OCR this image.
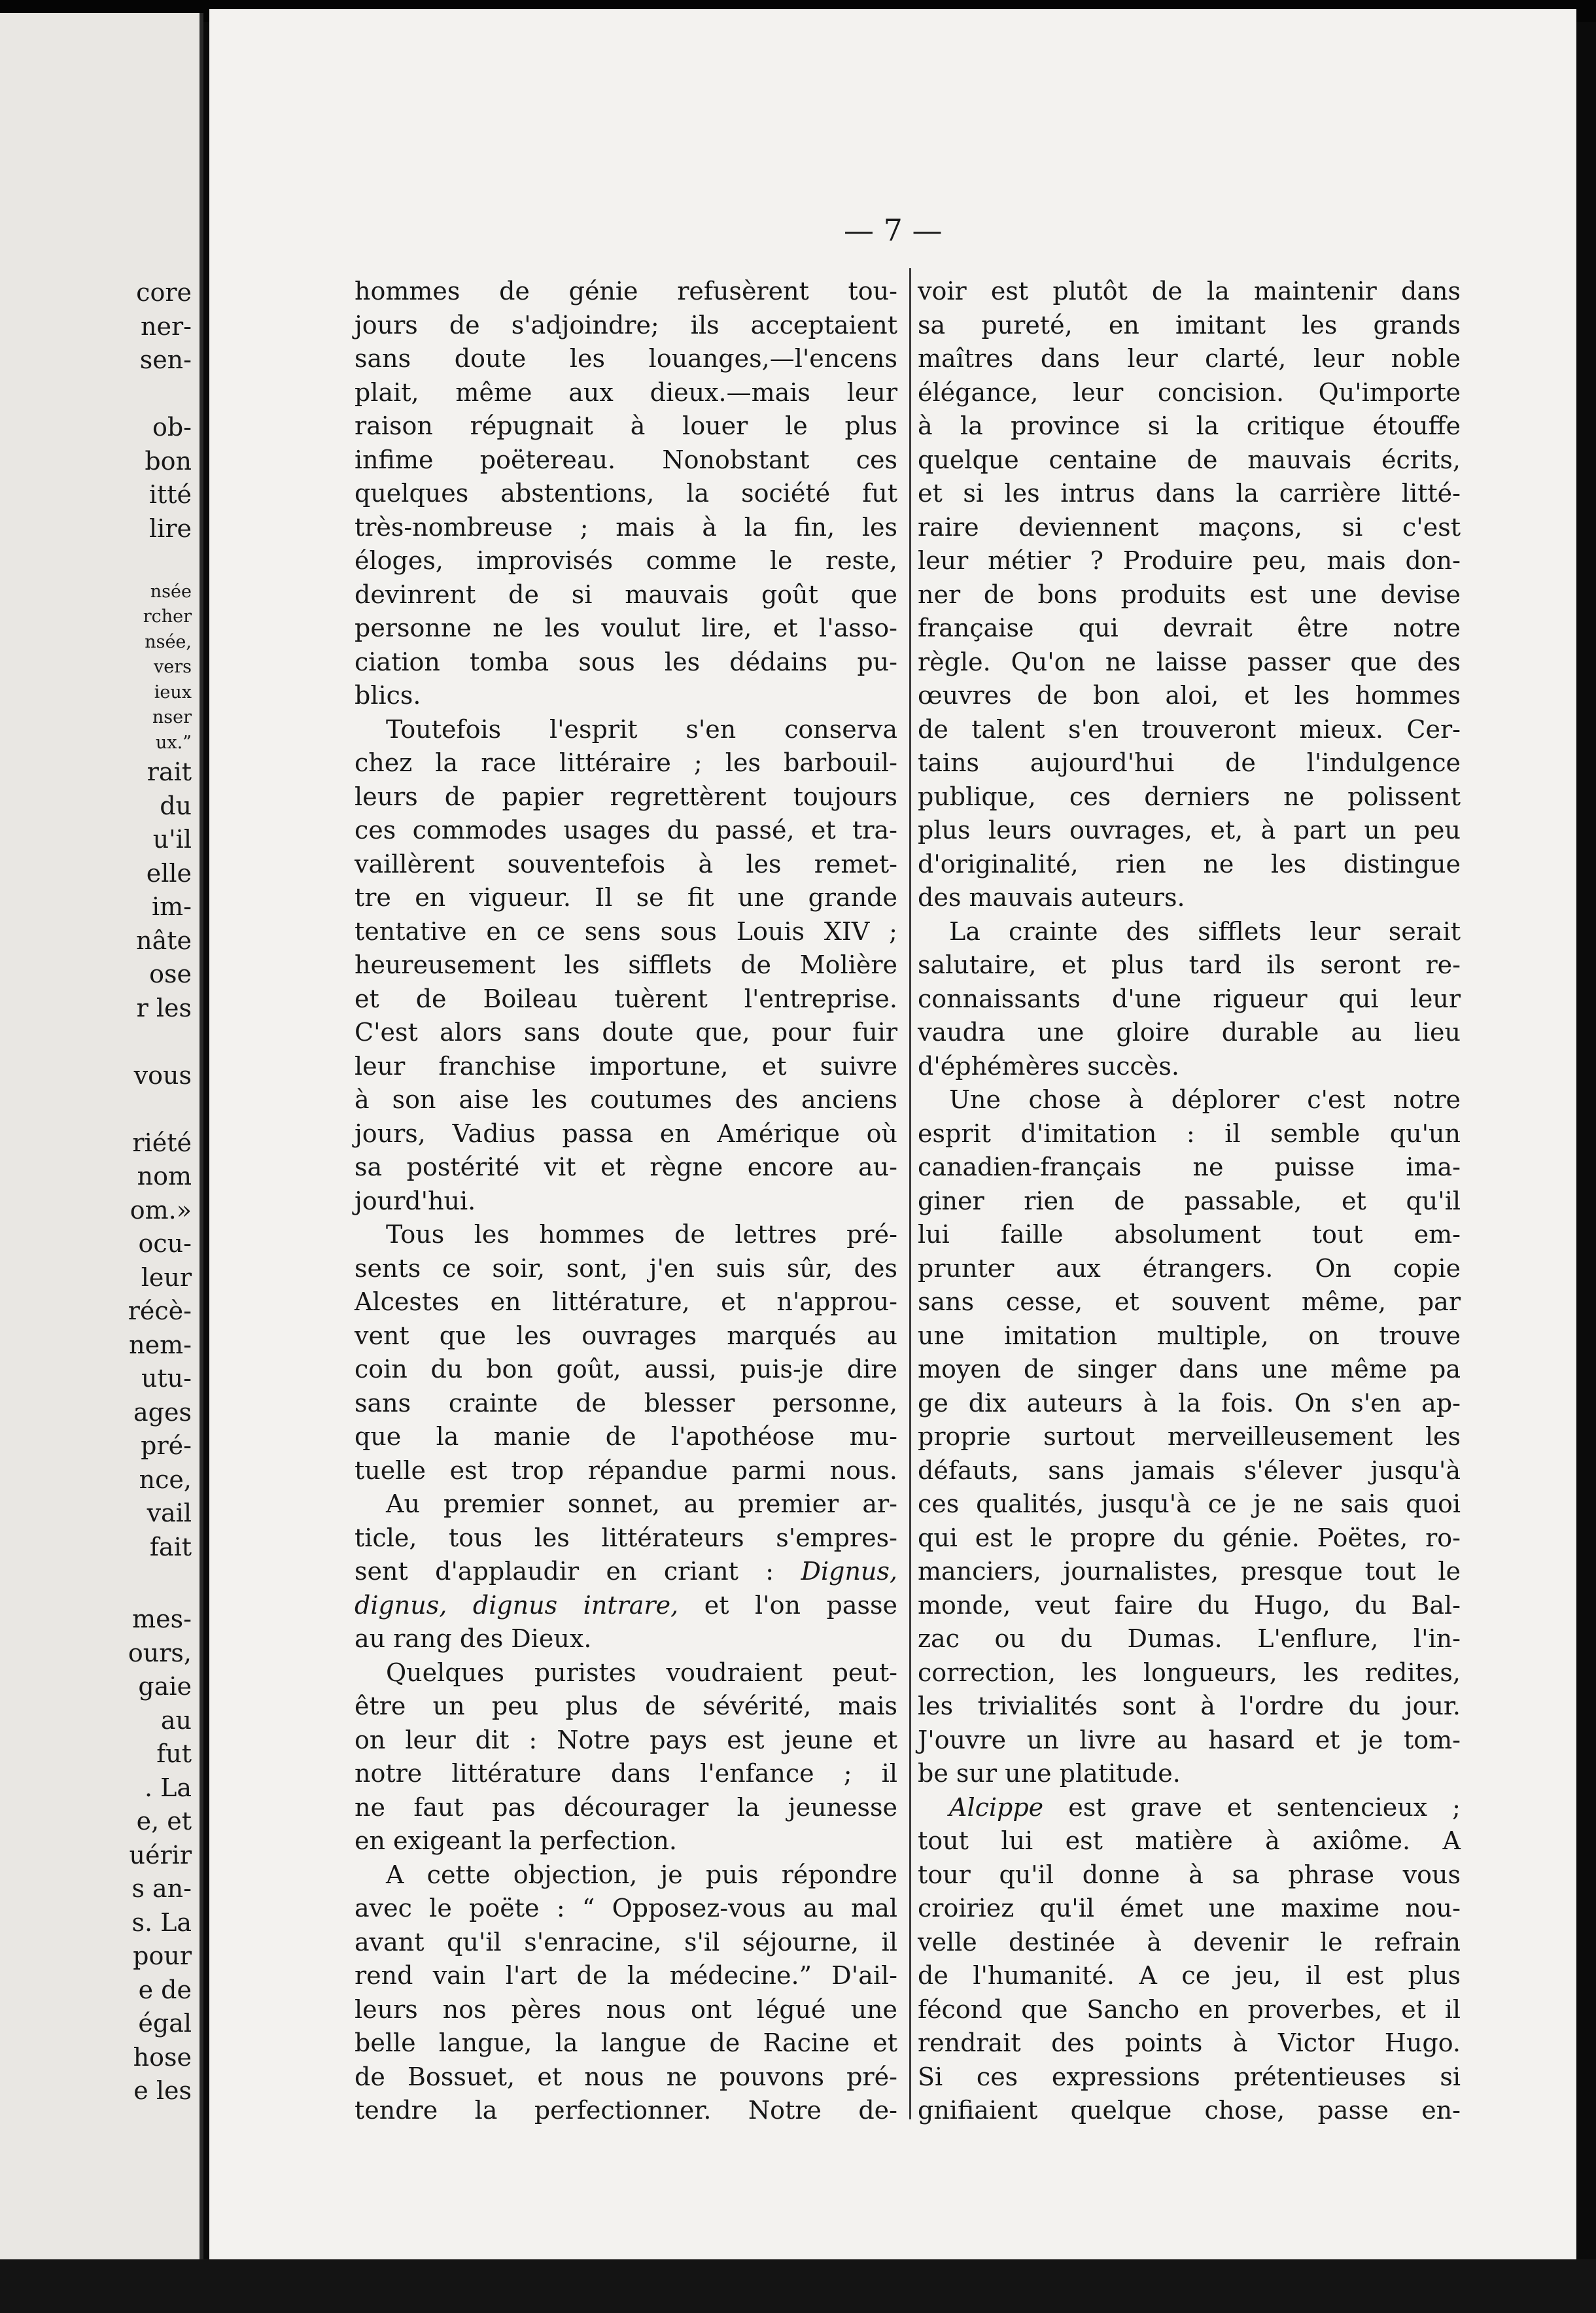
core

ner-

sen-

ob-

bon

itté

lire

nsée

rcher

nsée,

vers

ieux

nser

ux.”

rait

du

u'il

elle

im-

nâte

ose

r les

vous

riété

nom

om.»

ocu-

leur

récè-

nem-

utu-

ages

pré-

nce,

vail

fait

mes-

ours,

gaie

au

fut

. La

e, et

uérir

s an-

s. La

pour

e de

égal

hose

e les

— 7 —

hommes de génie refusèrent tou-

jours de s'adjoindre; ils acceptaient

sans doute les louanges,—l'encens

plait, même aux dieux.—mais leur

raison répugnait à louer le plus

infime poëtereau. Nonobstant ces

quelques abstentions, la société fut

très-nombreuse ; mais à la fin, les

éloges, improvisés comme le reste,

devinrent de si mauvais goût que

personne ne les voulut lire, et l'asso-

ciation tomba sous les dédains pu-

blics.

Toutefois l'esprit s'en conserva

chez la race littéraire ; les barbouil-

leurs de papier regrettèrent toujours

ces commodes usages du passé, et tra-

vaillèrent souventefois à les remet-

tre en vigueur. Il se fit une grande

tentative en ce sens sous Louis XIV ;

heureusement les sifflets de Molière

et de Boileau tuèrent l'entreprise.

C'est alors sans doute que, pour fuir

leur franchise importune, et suivre

à son aise les coutumes des anciens

jours, Vadius passa en Amérique où

sa postérité vit et règne encore au-

jourd'hui.

Tous les hommes de lettres pré-

sents ce soir, sont, j'en suis sûr, des

Alcestes en littérature, et n'approu-

vent que les ouvrages marqués au

coin du bon goût, aussi, puis-je dire

sans crainte de blesser personne,

que la manie de l'apothéose mu-

tuelle est trop répandue parmi nous.

Au premier sonnet, au premier ar-

ticle, tous les littérateurs s'empres-

sent d'applaudir en criant : Dignus,

dignus, dignus intrare, et l'on passe

au rang des Dieux.

Quelques puristes voudraient peut-

être un peu plus de sévérité, mais

on leur dit : Notre pays est jeune et

notre littérature dans l'enfance ; il

ne faut pas décourager la jeunesse

en exigeant la perfection.

A cette objection, je puis répondre

avec le poëte : “ Opposez-vous au mal

avant qu'il s'enracine, s'il séjourne, il

rend vain l'art de la médecine.” D'ail-

leurs nos pères nous ont légué une

belle langue, la langue de Racine et

de Bossuet, et nous ne pouvons pré-

tendre la perfectionner. Notre de-

voir est plutôt de la maintenir dans

sa pureté, en imitant les grands

maîtres dans leur clarté, leur noble

élégance, leur concision. Qu'importe

à la province si la critique étouffe

quelque centaine de mauvais écrits,

et si les intrus dans la carrière litté-

raire deviennent maçons, si c'est

leur métier ? Produire peu, mais don-

ner de bons produits est une devise

française qui devrait être notre

règle. Qu'on ne laisse passer que des

œuvres de bon aloi, et les hommes

de talent s'en trouveront mieux. Cer-

tains aujourd'hui de l'indulgence

publique, ces derniers ne polissent

plus leurs ouvrages, et, à part un peu

d'originalité, rien ne les distingue

des mauvais auteurs.

La crainte des sifflets leur serait

salutaire, et plus tard ils seront re-

connaissants d'une rigueur qui leur

vaudra une gloire durable au lieu

d'éphémères succès.

Une chose à déplorer c'est notre

esprit d'imitation : il semble qu'un

canadien-français ne puisse ima-

giner rien de passable, et qu'il

lui faille absolument tout em-

prunter aux étrangers. On copie

sans cesse, et souvent même, par

une imitation multiple, on trouve

moyen de singer dans une même pa

ge dix auteurs à la fois. On s'en ap-

proprie surtout merveilleusement les

défauts, sans jamais s'élever jusqu'à

ces qualités, jusqu'à ce je ne sais quoi

qui est le propre du génie. Poëtes, ro-

manciers, journalistes, presque tout le

monde, veut faire du Hugo, du Bal-

zac ou du Dumas. L'enflure, l'in-

correction, les longueurs, les redites,

les trivialités sont à l'ordre du jour.

J'ouvre un livre au hasard et je tom-

be sur une platitude.

Alcippe est grave et sentencieux ;

tout lui est matière à axiôme. A

tour qu'il donne à sa phrase vous

croiriez qu'il émet une maxime nou-

velle destinée à devenir le refrain

de l'humanité. A ce jeu, il est plus

fécond que Sancho en proverbes, et il

rendrait des points à Victor Hugo.

Si ces expressions prétentieuses si

gnifiaient quelque chose, passe en-
